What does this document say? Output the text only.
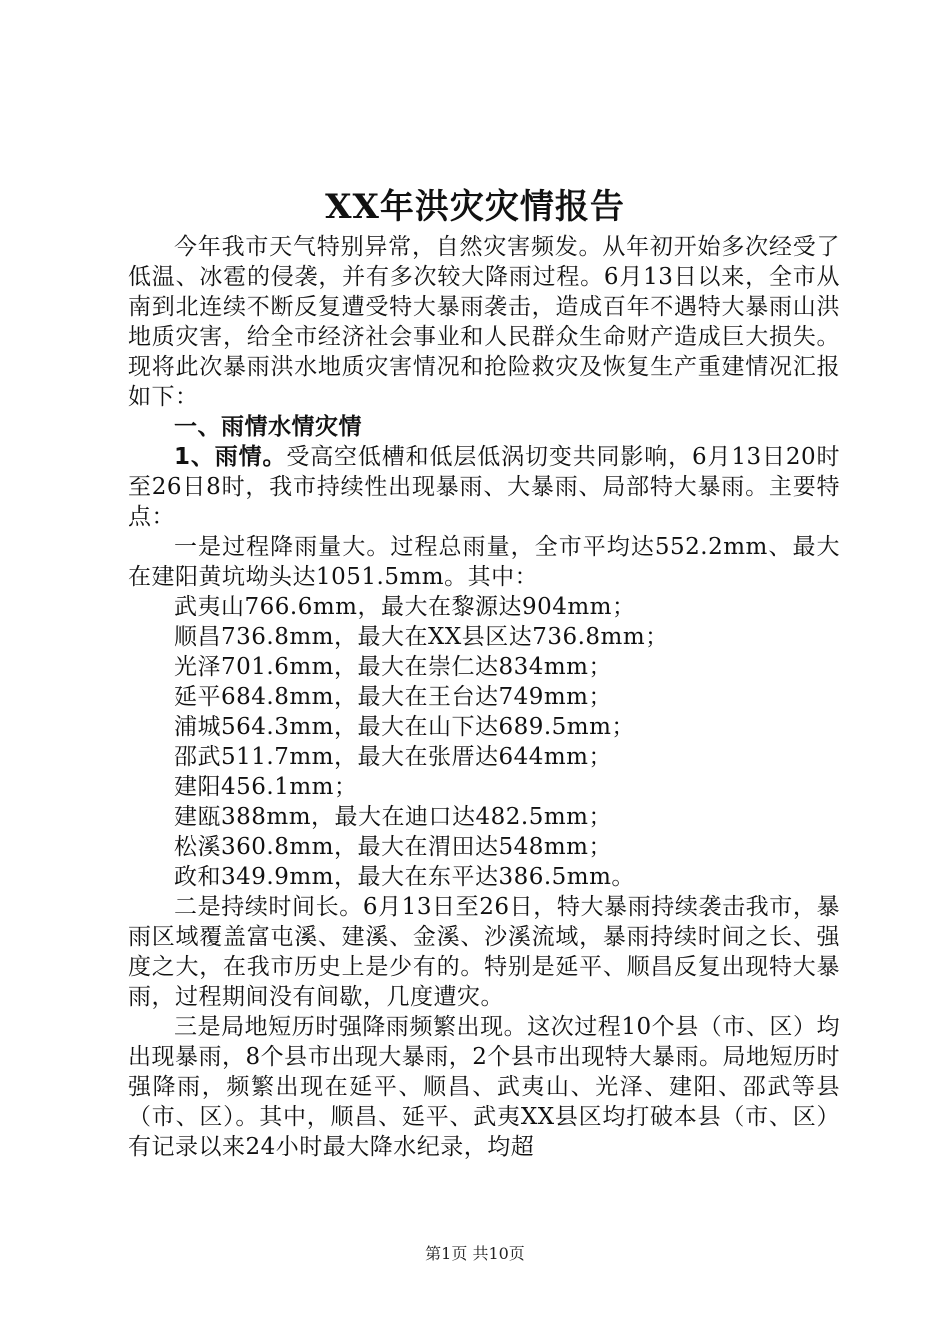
XX年洪灾灾情报告

今年我市天气特别异常，自然灾害频发。从年初开始多次经受了低温、冰雹的侵袭，并有多次较大降雨过程。6月13日以来，全市从南到北连续不断反复遭受特大暴雨袭击，造成百年不遇特大暴雨山洪地质灾害，给全市经济社会事业和人民群众生命财产造成巨大损失。现将此次暴雨洪水地质灾害情况和抢险救灾及恢复生产重建情况汇报如下：

一、雨情水情灾情

1、雨情。受高空低槽和低层低涡切变共同影响，6月13日20时至26日8时，我市持续性出现暴雨、大暴雨、局部特大暴雨。主要特点：

一是过程降雨量大。过程总雨量，全市平均达552.2mm、最大在建阳黄坑坳头达1051.5mm。其中：

武夷山766.6mm，最大在黎源达904mm；

顺昌736.8mm，最大在XX县区达736.8mm；

光泽701.6mm，最大在崇仁达834mm；

延平684.8mm，最大在王台达749mm；

浦城564.3mm，最大在山下达689.5mm；

邵武511.7mm，最大在张厝达644mm；

建阳456.1mm；

建瓯388mm，最大在迪口达482.5mm；

松溪360.8mm，最大在渭田达548mm；

政和349.9mm，最大在东平达386.5mm。

二是持续时间长。6月13日至26日，特大暴雨持续袭击我市，暴雨区域覆盖富屯溪、建溪、金溪、沙溪流域，暴雨持续时间之长、强度之大，在我市历史上是少有的。特别是延平、顺昌反复出现特大暴雨，过程期间没有间歇，几度遭灾。

三是局地短历时强降雨频繁出现。这次过程10个县（市、区）均出现暴雨，8个县市出现大暴雨，2个县市出现特大暴雨。局地短历时强降雨，频繁出现在延平、顺昌、武夷山、光泽、建阳、邵武等县（市、区）。其中，顺昌、延平、武夷XX县区均打破本县（市、区）有记录以来24小时最大降水纪录，均超

第1页 共10页
